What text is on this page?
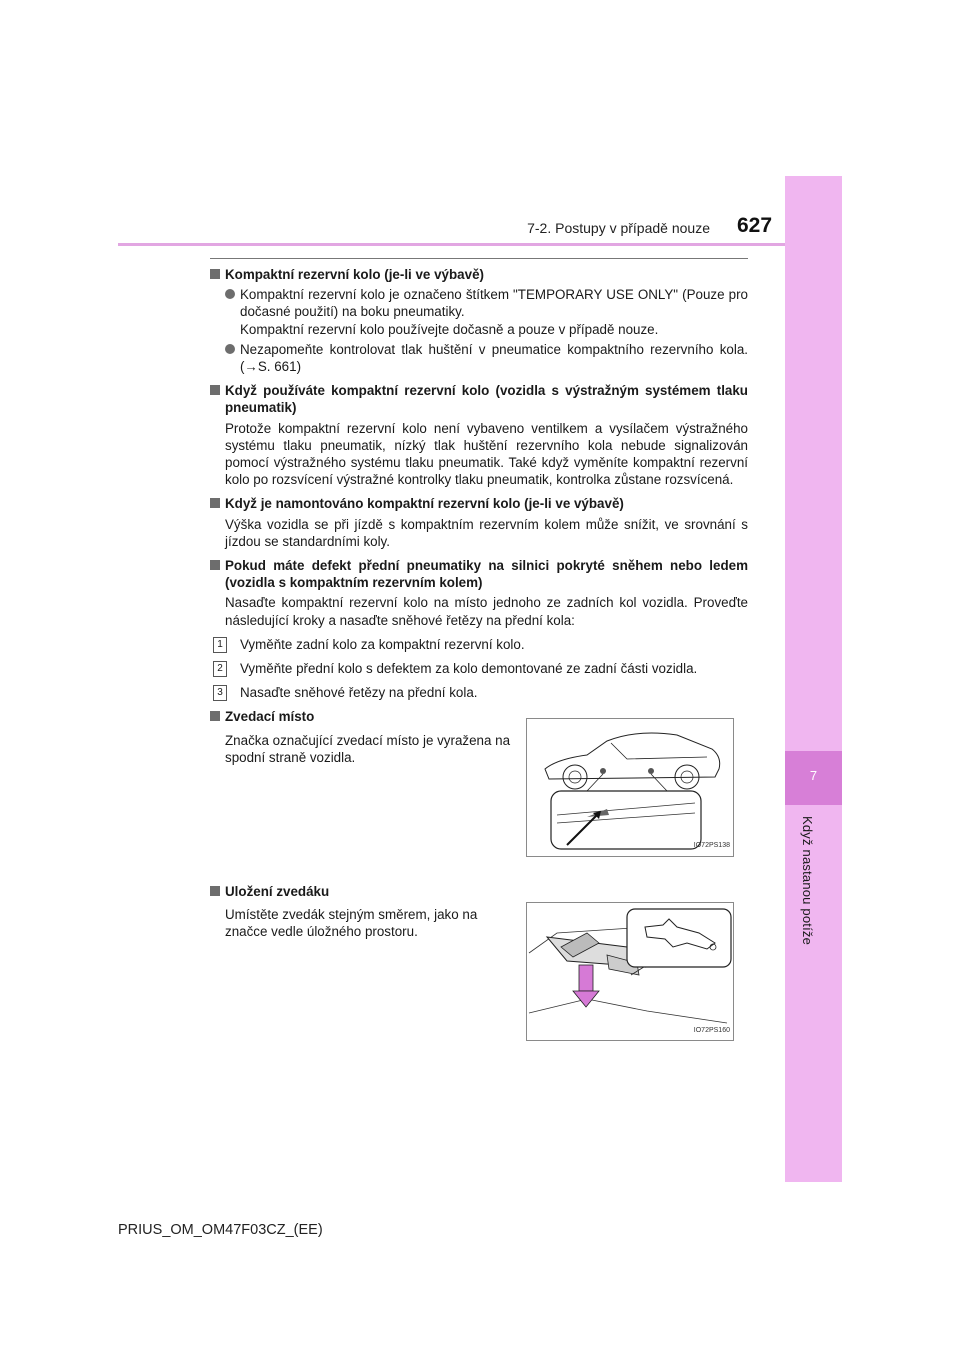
7
Když nastanou potíže
7-2. Postupy v případě nouze 627
Kompaktní rezervní kolo (je-li ve výbavě)
Kompaktní rezervní kolo je označeno štítkem "TEMPORARY USE ONLY" (Pouze pro dočasné použití) na boku pneumatiky.
Kompaktní rezervní kolo používejte dočasně a pouze v případě nouze.
Nezapomeňte kontrolovat tlak huštění v pneumatice kompaktního rezervního kola. (→S. 661)
Když používáte kompaktní rezervní kolo (vozidla s výstražným systémem tlaku pneumatik)
Protože kompaktní rezervní kolo není vybaveno ventilkem a vysílačem výstražného systému tlaku pneumatik, nízký tlak huštění rezervního kola nebude signalizován pomocí výstražného systému tlaku pneumatik. Také když vyměníte kompaktní rezervní kolo po rozsvícení výstražné kontrolky tlaku pneumatik, kontrolka zůstane rozsvícená.
Když je namontováno kompaktní rezervní kolo (je-li ve výbavě)
Výška vozidla se při jízdě s kompaktním rezervním kolem může snížit, ve srovnání s jízdou se standardními koly.
Pokud máte defekt přední pneumatiky na silnici pokryté sněhem nebo ledem (vozidla s kompaktním rezervním kolem)
Nasaďte kompaktní rezervní kolo na místo jednoho ze zadních kol vozidla. Proveďte následující kroky a nasaďte sněhové řetězy na přední kola:
1	Vyměňte zadní kolo za kompaktní rezervní kolo.
2	Vyměňte přední kolo s defektem za kolo demontované ze zadní části vozidla.
3	Nasaďte sněhové řetězy na přední kola.
Zvedací místo
Značka označující zvedací místo je vyražena na spodní straně vozidla.
IO72PS138
Uložení zvedáku
Umístěte zvedák stejným směrem, jako na značce vedle úložného prostoru.
IO72PS160
PRIUS_OM_OM47F03CZ_(EE)
